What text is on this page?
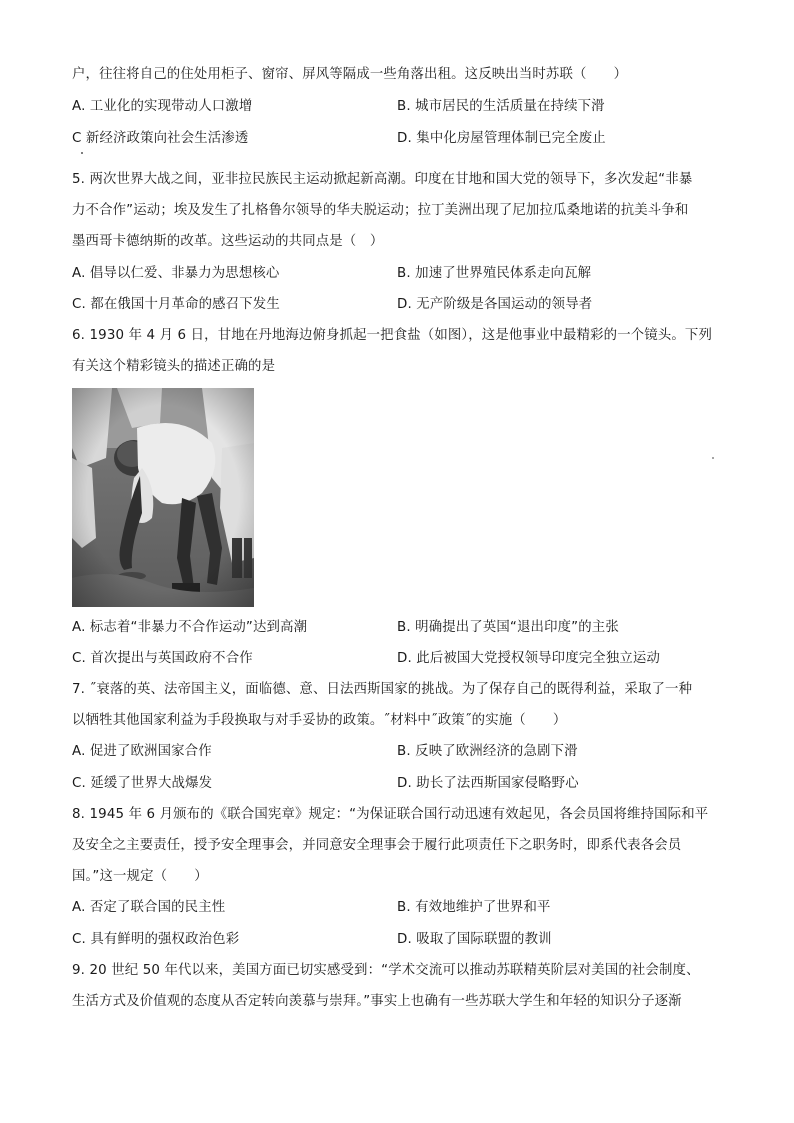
户，往往将自己的住处用柜子、窗帘、屏风等隔成一些角落出租。这反映出当时苏联（　　）
A. 工业化的实现带动人口激增	B. 城市居民的生活质量在持续下滑
C 新经济政策向社会生活渗透	D. 集中化房屋管理体制已完全废止
5. 两次世界大战之间，亚非拉民族民主运动掀起新高潮。印度在甘地和国大党的领导下，多次发起“非暴
力不合作”运动；埃及发生了扎格鲁尔领导的华夫脱运动；拉丁美洲出现了尼加拉瓜桑地诺的抗美斗争和
墨西哥卡德纳斯的改革。这些运动的共同点是（　）
A. 倡导以仁爱、非暴力为思想核心	B. 加速了世界殖民体系走向瓦解
C. 都在俄国十月革命的感召下发生	D. 无产阶级是各国运动的领导者
6. 1930 年 4 月 6 日，甘地在丹地海边俯身抓起一把食盐（如图），这是他事业中最精彩的一个镜头。下列
有关这个精彩镜头的描述正确的是
A. 标志着“非暴力不合作运动”达到高潮	B. 明确提出了英国“退出印度”的主张
C. 首次提出与英国政府不合作	D. 此后被国大党授权领导印度完全独立运动
7. ˝衰落的英、法帝国主义，面临德、意、日法西斯国家的挑战。为了保存自己的既得利益，采取了一种
以牺牲其他国家利益为手段换取与对手妥协的政策。˝材料中˝政策˝的实施（　　）
A. 促进了欧洲国家合作	B. 反映了欧洲经济的急剧下滑
C. 延缓了世界大战爆发	D. 助长了法西斯国家侵略野心
8. 1945 年 6 月颁布的《联合国宪章》规定：“为保证联合国行动迅速有效起见，各会员国将维持国际和平
及安全之主要责任，授予安全理事会，并同意安全理事会于履行此项责任下之职务时，即系代表各会员
国。”这一规定（　　）
A. 否定了联合国的民主性	B. 有效地维护了世界和平
C. 具有鲜明的强权政治色彩	D. 吸取了国际联盟的教训
9. 20 世纪 50 年代以来，美国方面已切实感受到：“学术交流可以推动苏联精英阶层对美国的社会制度、
生活方式及价值观的态度从否定转向羡慕与崇拜。”事实上也确有一些苏联大学生和年轻的知识分子逐渐
